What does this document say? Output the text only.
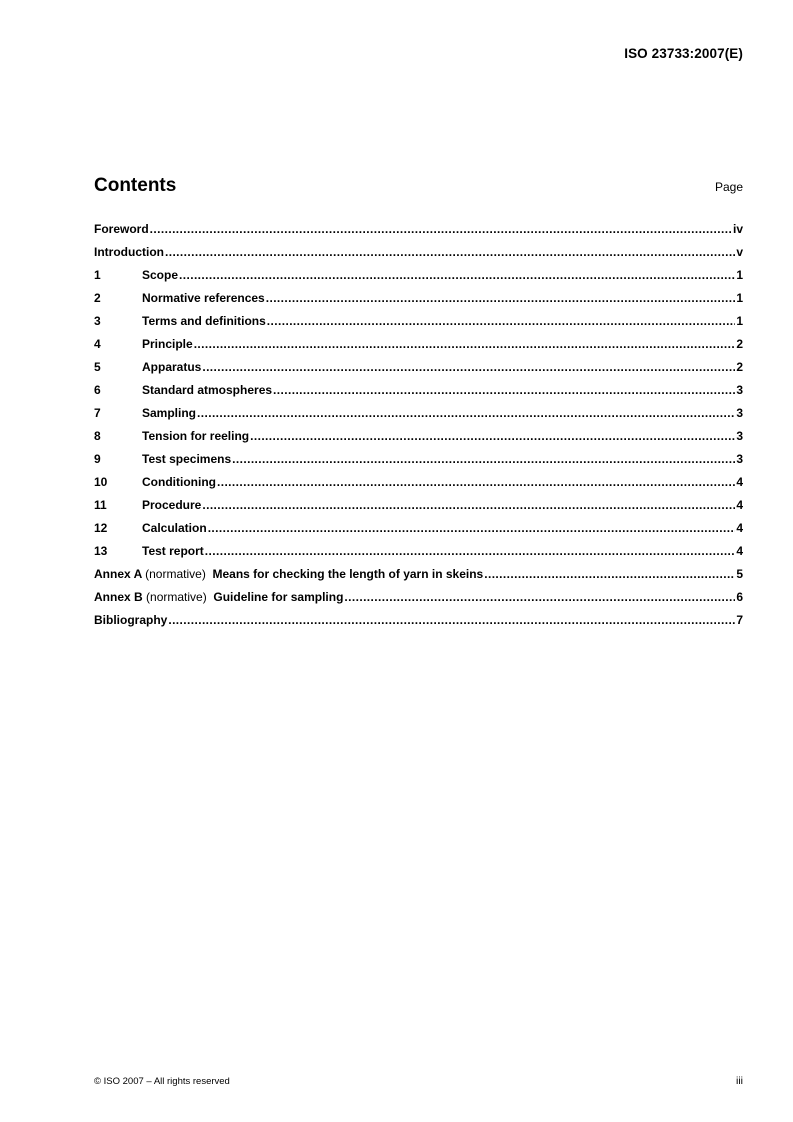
ISO 23733:2007(E)
Contents	Page
Foreword .....	iv
Introduction .....	v
1	Scope .....	1
2	Normative references .....	1
3	Terms and definitions .....	1
4	Principle .....	2
5	Apparatus .....	2
6	Standard atmospheres .....	3
7	Sampling .....	3
8	Tension for reeling .....	3
9	Test specimens .....	3
10	Conditioning .....	4
11	Procedure .....	4
12	Calculation .....	4
13	Test report .....	4
Annex A (normative) Means for checking the length of yarn in skeins .....	5
Annex B (normative) Guideline for sampling .....	6
Bibliography .....	7
© ISO 2007 – All rights reserved	iii
